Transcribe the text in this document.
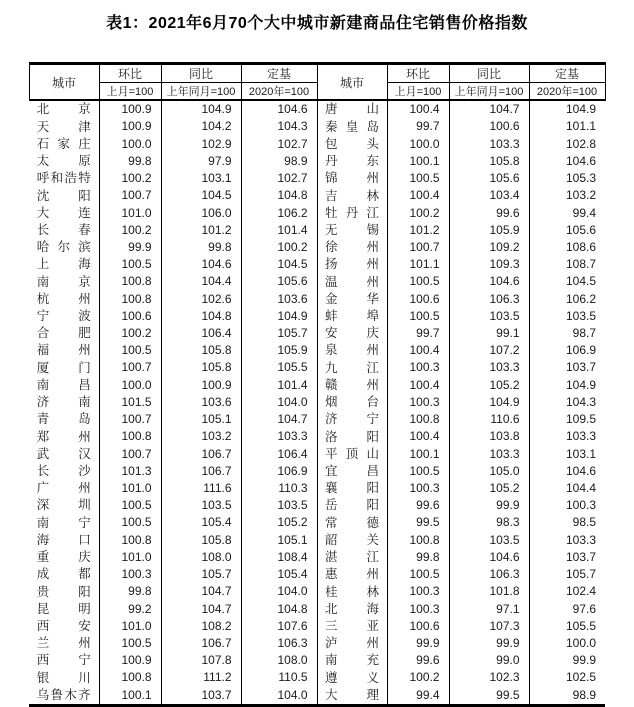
表1：2021年6月70个大中城市新建商品住宅销售价格指数
城市	环比	同比	定基	城市	环比	同比	定基
	上月=100	上年同月=100	2020年=100		上月=100	上年同月=100	2020年=100
北京	100.9	104.9	104.6	唐山	100.4	104.7	104.9
天津	100.9	104.2	104.3	秦皇岛	99.7	100.6	101.1
石家庄	100.0	102.9	102.7	包头	100.0	103.3	102.8
太原	99.8	97.9	98.9	丹东	100.1	105.8	104.6
呼和浩特	100.2	103.1	102.7	锦州	100.5	105.6	105.3
沈阳	100.7	104.5	104.8	吉林	100.4	103.4	103.2
大连	101.0	106.0	106.2	牡丹江	100.2	99.6	99.4
长春	100.2	101.2	101.4	无锡	101.2	105.9	105.6
哈尔滨	99.9	99.8	100.2	徐州	100.7	109.2	108.6
上海	100.5	104.6	104.5	扬州	101.1	109.3	108.7
南京	100.8	104.4	105.6	温州	100.5	104.6	104.5
杭州	100.8	102.6	103.6	金华	100.6	106.3	106.2
宁波	100.6	104.8	104.9	蚌埠	100.5	103.5	103.5
合肥	100.2	106.4	105.7	安庆	99.7	99.1	98.7
福州	100.5	105.8	105.9	泉州	100.4	107.2	106.9
厦门	100.7	105.8	105.5	九江	100.3	103.3	103.7
南昌	100.0	100.9	101.4	赣州	100.4	105.2	104.9
济南	101.5	103.6	104.0	烟台	100.3	104.9	104.3
青岛	100.7	105.1	104.7	济宁	100.8	110.6	109.5
郑州	100.8	103.2	103.3	洛阳	100.4	103.8	103.3
武汉	100.7	106.7	106.4	平顶山	100.1	103.3	103.1
长沙	101.3	106.7	106.9	宜昌	100.5	105.0	104.6
广州	101.0	111.6	110.3	襄阳	100.3	105.2	104.4
深圳	100.5	103.5	103.5	岳阳	99.6	99.9	100.3
南宁	100.5	105.4	105.2	常德	99.5	98.3	98.5
海口	100.8	105.8	105.1	韶关	100.8	103.5	103.3
重庆	101.0	108.0	108.4	湛江	99.8	104.6	103.7
成都	100.3	105.7	105.4	惠州	100.5	106.3	105.7
贵阳	99.8	104.7	104.0	桂林	100.3	101.8	102.4
昆明	99.2	104.7	104.8	北海	100.3	97.1	97.6
西安	101.0	108.2	107.6	三亚	100.6	107.3	105.5
兰州	100.5	106.7	106.3	泸州	99.9	99.9	100.0
西宁	100.9	107.8	108.0	南充	99.6	99.0	99.9
银川	100.8	111.2	110.5	遵义	100.2	102.3	102.5
乌鲁木齐	100.1	103.7	104.0	大理	99.4	99.5	98.9
